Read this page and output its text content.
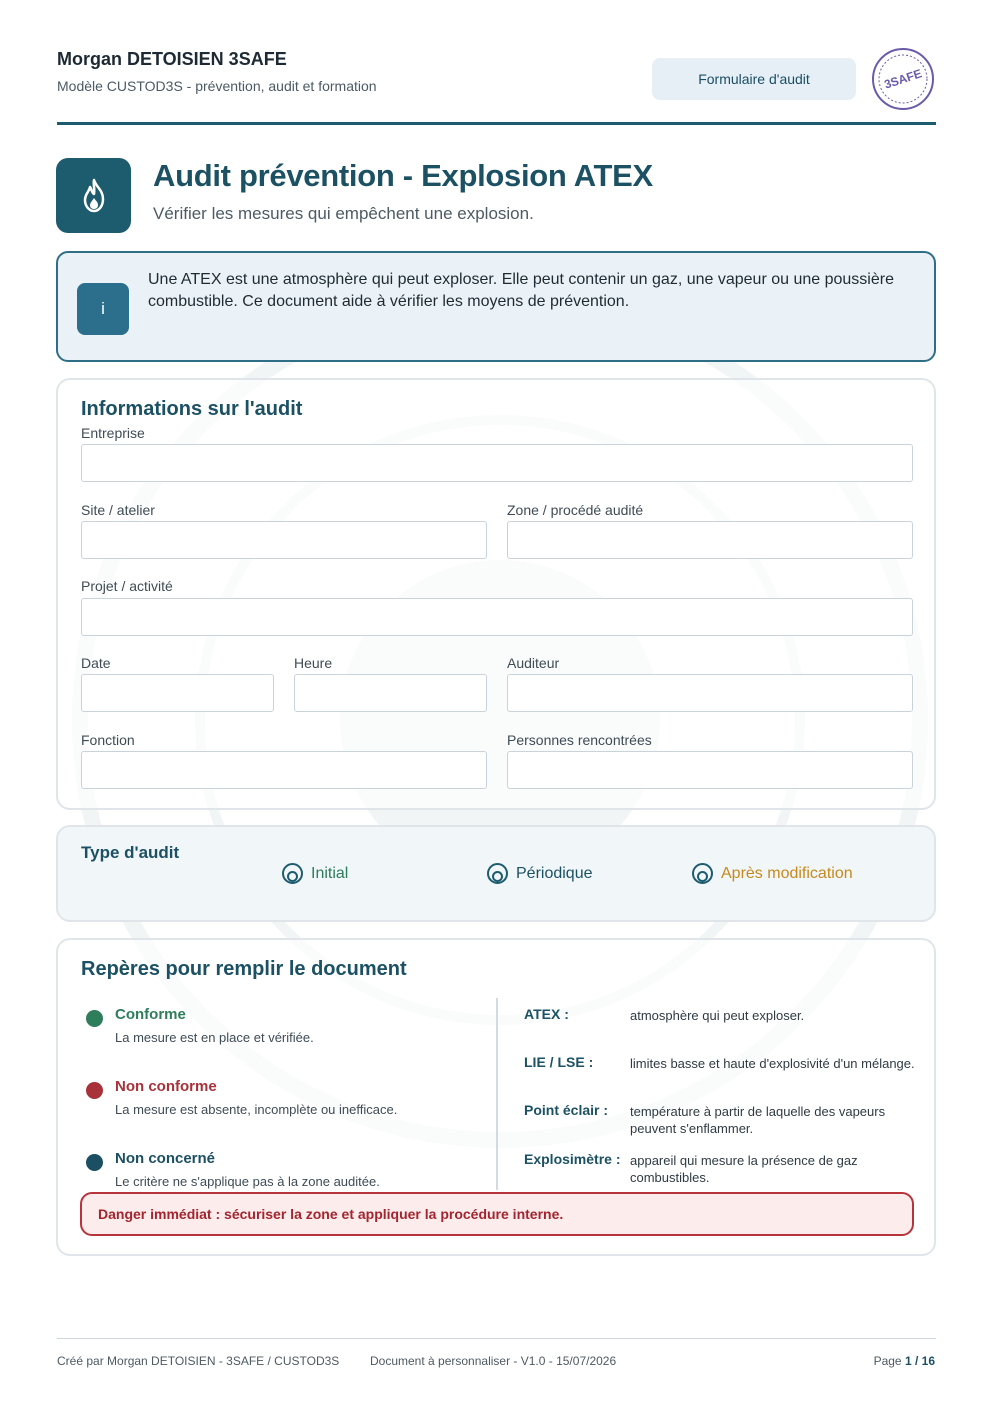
Morgan DETOISIEN 3SAFE
Modèle CUSTOD3S - prévention, audit et formation	Formulaire d'audit	3SAFE
Audit prévention - Explosion ATEX
Vérifier les mesures qui empêchent une explosion.
i
Une ATEX est une atmosphère qui peut exploser. Elle peut contenir un gaz, une vapeur ou une poussière combustible. Ce document aide à vérifier les moyens de prévention.
Informations sur l'audit
Entreprise
Site / atelier	Zone / procédé audité
Projet / activité
Date	Heure	Auditeur
Fonction	Personnes rencontrées
Type d'audit
Initial	Périodique	Après modification
Repères pour remplir le document
Conforme
La mesure est en place et vérifiée.
Non conforme
La mesure est absente, incomplète ou inefficace.
Non concerné
Le critère ne s'applique pas à la zone auditée.
ATEX :	atmosphère qui peut exploser.
LIE / LSE :	limites basse et haute d'explosivité d'un mélange.
Point éclair : température à partir de laquelle des vapeurs peuvent s'enflammer.
Explosimètre : appareil qui mesure la présence de gaz combustibles.
Danger immédiat : sécuriser la zone et appliquer la procédure interne.
Créé par Morgan DETOISIEN - 3SAFE / CUSTOD3S	Document à personnaliser - V1.0 - 15/07/2026	Page 1 / 16
